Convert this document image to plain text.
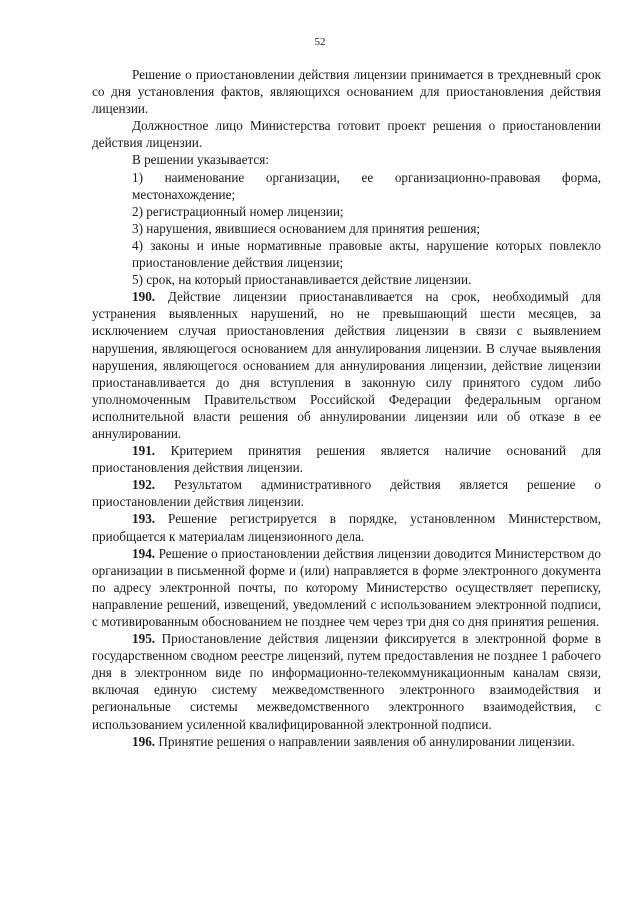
52

Решение о приостановлении действия лицензии принимается в трехдневный срок со дня установления фактов, являющихся основанием для приостановления действия лицензии.

Должностное лицо Министерства готовит проект решения о приостановлении действия лицензии.

В решении указывается:

1) наименование организации, ее организационно-правовая форма, местонахождение;

2) регистрационный номер лицензии;

3) нарушения, явившиеся основанием для принятия решения;

4) законы и иные нормативные правовые акты, нарушение которых повлекло приостановление действия лицензии;

5) срок, на который приостанавливается действие лицензии.

190. Действие лицензии приостанавливается на срок, необходимый для устранения выявленных нарушений, но не превышающий шести месяцев, за исключением случая приостановления действия лицензии в связи с выявлением нарушения, являющегося основанием для аннулирования лицензии. В случае выявления нарушения, являющегося основанием для аннулирования лицензии, действие лицензии приостанавливается до дня вступления в законную силу принятого судом либо уполномоченным Правительством Российской Федерации федеральным органом исполнительной власти решения об аннулировании лицензии или об отказе в ее аннулировании.

191. Критерием принятия решения является наличие оснований для приостановления действия лицензии.

192. Результатом административного действия является решение о приостановлении действия лицензии.

193. Решение регистрируется в порядке, установленном Министерством, приобщается к материалам лицензионного дела.

194. Решение о приостановлении действия лицензии доводится Министерством до организации в письменной форме и (или) направляется в форме электронного документа по адресу электронной почты, по которому Министерство осуществляет переписку, направление решений, извещений, уведомлений с использованием электронной подписи, с мотивированным обоснованием не позднее чем через три дня со дня принятия решения.

195. Приостановление действия лицензии фиксируется в электронной форме в государственном сводном реестре лицензий, путем предоставления не позднее 1 рабочего дня в электронном виде по информационно-телекоммуникационным каналам связи, включая единую систему межведомственного электронного взаимодействия и региональные системы межведомственного электронного взаимодействия, с использованием усиленной квалифицированной электронной подписи.

196. Принятие решения о направлении заявления об аннулировании лицензии.
